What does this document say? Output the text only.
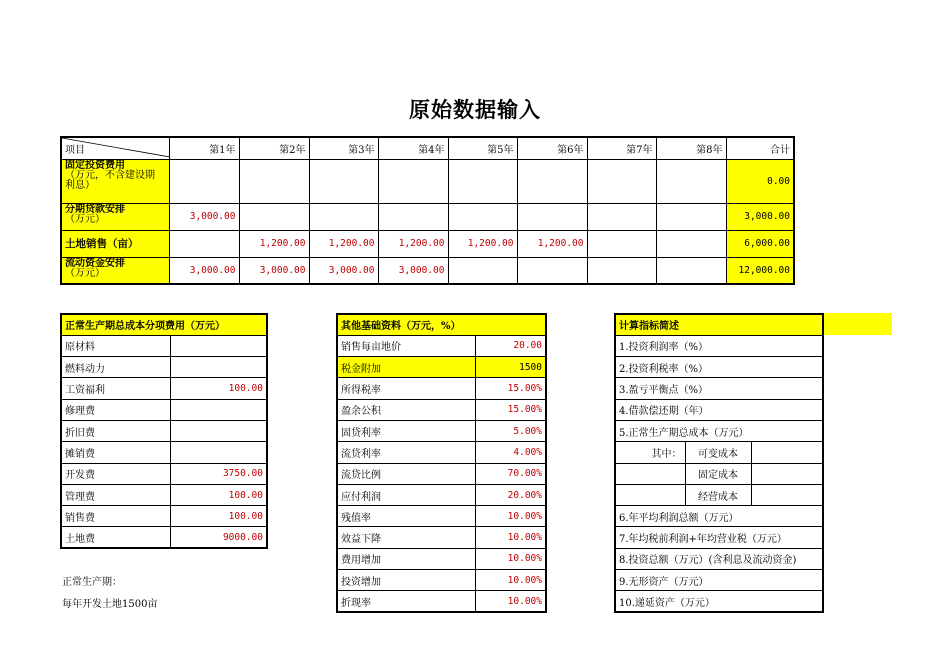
原始数据输入
项目	第1年	第2年	第3年	第4年	第5年	第6年	第7年	第8年	合计

固定投资费用
（万元，不含建设期
利息）									0.00

分期贷款安排
（万元）	3,000.00								3,000.00
土地销售（亩）		1,200.00	1,200.00	1,200.00	1,200.00	1,200.00			6,000.00

流动资金安排
（万元）	3,000.00	3,000.00	3,000.00	3,000.00					12,000.00
正常生产期总成本分项费用（万元）	
原材料	
燃料动力	
工资福利	100.00
修理费	
折旧费	
摊销费	
开发费	3750.00
管理费	100.00
销售费	100.00
土地费	9000.00
正常生产期：
每年开发土地1500亩
其他基础资料（万元，%）	
销售每亩地价	20.00
税金附加	1500
所得税率	15.00%
盈余公积	15.00%
固贷利率	5.00%
流贷利率	4.00%
流贷比例	70.00%
应付利润	20.00%
残值率	10.00%
效益下降	10.00%
费用增加	10.00%
投资增加	10.00%
折现率	10.00%
计算指标简述		
1.投资利润率（%）		
2.投资利税率（%）		
3.盈亏平衡点（%）		
4.借款偿还期（年）		
5.正常生产期总成本（万元）		
其中：	可变成本	
	固定成本	
	经营成本	
6.年平均利润总额（万元）		
7.年均税前利润+年均营业税（万元）		
8.投资总额（万元）(含利息及流动资金)		
9.无形资产（万元）		
10.递延资产（万元）		
